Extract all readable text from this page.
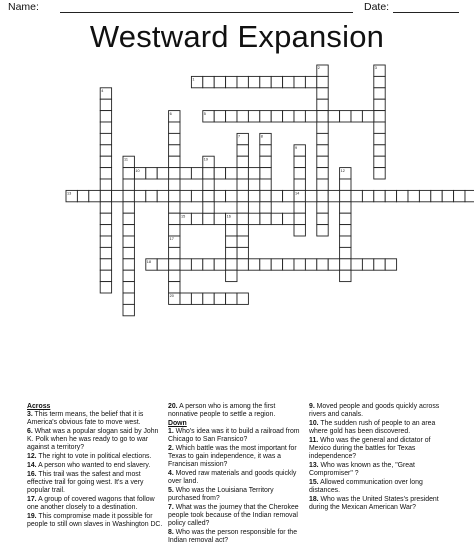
Name:	Date:
Westward Expansion
1
2	3
4
5
6
7	8
9
10
11
12
13	14
15	16
17
18
19
20
Across
3. This term means, the belief that it is America's obvious fate to move west.
6. What was a popular slogan said by John K. Polk when he was ready to go to war against a territory?
12. The right to vote in political elections.
14. A person who wanted to end slavery.
16. This trail was the safest and most effective trail for going west. It's a very popular trail.
17. A group of covered wagons that follow one another closely to a destination.
19. This compromise made it possible for people to still own slaves in Washington DC.
20. A person who is among the first nonnative people to settle a region.
Down
1. Who's idea was it to build a railroad from Chicago to San Fransico?
2. Which battle was the most important for Texas to gain independence, it was a Francisan mission?
4. Moved raw materials and goods quickly over land.
5. Who was the Louisiana Territory purchased from?
7. What was the journey that the Cherokee people took because of the Indian removal policy called?
8. Who was the person responsible for the Indian removal act?
9. Moved people and goods quickly across rivers and canals.
10. The sudden rush of people to an area where gold has been discovered.
11. Who was the general and dictator of Mexico during the battles for Texas independence?
13. Who was known as the, "Great Compromiser" ?
15. Allowed communication over long distances.
18. Who was the United States's president during the Mexican American War?
